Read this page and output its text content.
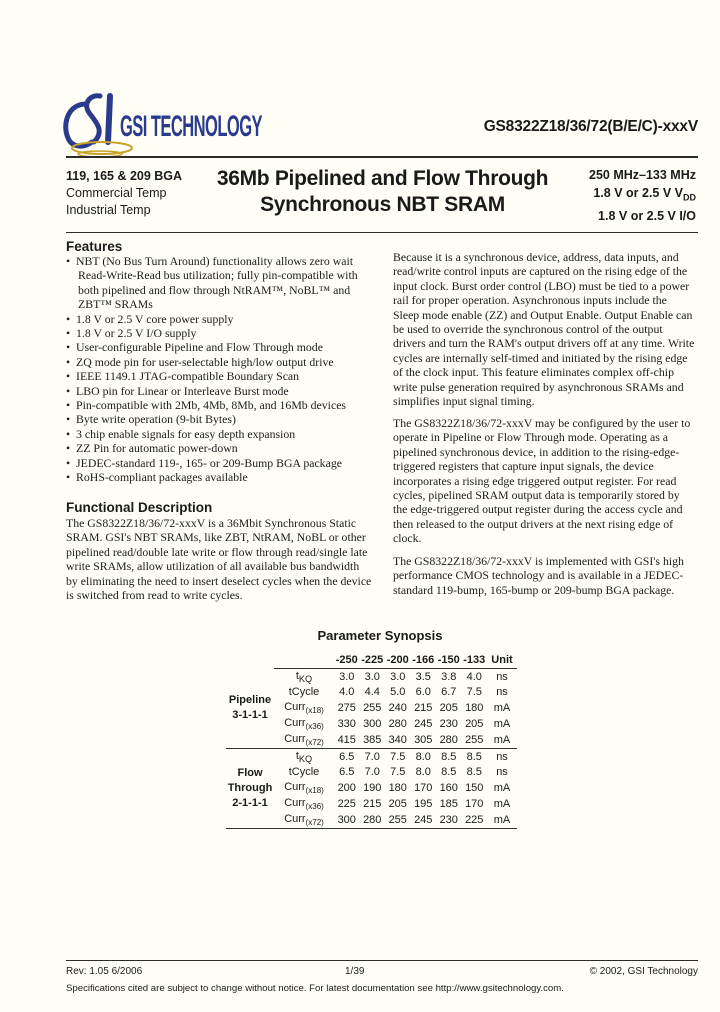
GSI TECHNOLOGY	GS8322Z18/36/72(B/E/C)-xxxV
119, 165 & 209 BGA
Commercial Temp
Industrial Temp
36Mb Pipelined and Flow Through
Synchronous NBT SRAM
250 MHz–133 MHz
1.8 V or 2.5 V $V_{DD}$
1.8 V or 2.5 V I/O
Features
•  NBT (No Bus Turn Around) functionality allows zero wait Read-Write-Read bus utilization; fully pin-compatible with both pipelined and flow through NtRAM™, NoBL™ and ZBT™ SRAMs
•  1.8 V or 2.5 V core power supply
•  1.8 V or 2.5 V I/O supply
•  User-configurable Pipeline and Flow Through mode
•  ZQ mode pin for user-selectable high/low output drive
•  IEEE 1149.1 JTAG-compatible Boundary Scan
•  LBO pin for Linear or Interleave Burst mode
•  Pin-compatible with 2Mb, 4Mb, 8Mb, and 16Mb devices
•  Byte write operation (9-bit Bytes)
•  3 chip enable signals for easy depth expansion
•  ZZ Pin for automatic power-down
•  JEDEC-standard 119-, 165- or 209-Bump BGA package
•  RoHS-compliant packages available
Functional Description
The GS8322Z18/36/72-xxxV is a 36Mbit Synchronous Static SRAM. GSI's NBT SRAMs, like ZBT, NtRAM, NoBL or other pipelined read/double late write or flow through read/single late write SRAMs, allow utilization of all available bus bandwidth by eliminating the need to insert deselect cycles when the device is switched from read to write cycles.
Because it is a synchronous device, address, data inputs, and read/write control inputs are captured on the rising edge of the input clock. Burst order control (LBO) must be tied to a power rail for proper operation. Asynchronous inputs include the Sleep mode enable (ZZ) and Output Enable. Output Enable can be used to override the synchronous control of the output drivers and turn the RAM's output drivers off at any time. Write cycles are internally self-timed and initiated by the rising edge of the clock input. This feature eliminates complex off-chip write pulse generation required by asynchronous SRAMs and simplifies input signal timing.
The GS8322Z18/36/72-xxxV may be configured by the user to operate in Pipeline or Flow Through mode. Operating as a pipelined synchronous device, in addition to the rising-edge-triggered registers that capture input signals, the device incorporates a rising edge triggered output register. For read cycles, pipelined SRAM output data is temporarily stored by the edge-triggered output register during the access cycle and then released to the output drivers at the next rising edge of clock.
The GS8322Z18/36/72-xxxV is implemented with GSI's high performance CMOS technology and is available in a JEDEC-standard 119-bump, 165-bump or 209-bump BGA package.
Parameter Synopsis
		-250	-225	-200	-166	-150	-133	Unit

Pipeline
3-1-1-1	$t_{KQ}$	3.0	3.0	3.0	3.5	3.8	4.0	ns
	tCycle	4.0	4.4	5.0	6.0	6.7	7.5	ns
	Curr$_{(x18)}$	275	255	240	215	205	180	mA
	Curr$_{(x36)}$	330	300	280	245	230	205	mA
	Curr$_{(x72)}$	415	385	340	305	280	255	mA

Flow
Through
2-1-1-1	$t_{KQ}$	6.5	7.0	7.5	8.0	8.5	8.5	ns
	tCycle	6.5	7.0	7.5	8.0	8.5	8.5	ns
	Curr$_{(x18)}$	200	190	180	170	160	150	mA
	Curr$_{(x36)}$	225	215	205	195	185	170	mA
	Curr$_{(x72)}$	300	280	255	245	230	225	mA
Rev: 1.05 6/2006	1/39	© 2002, GSI Technology
Specifications cited are subject to change without notice. For latest documentation see http://www.gsitechnology.com.
